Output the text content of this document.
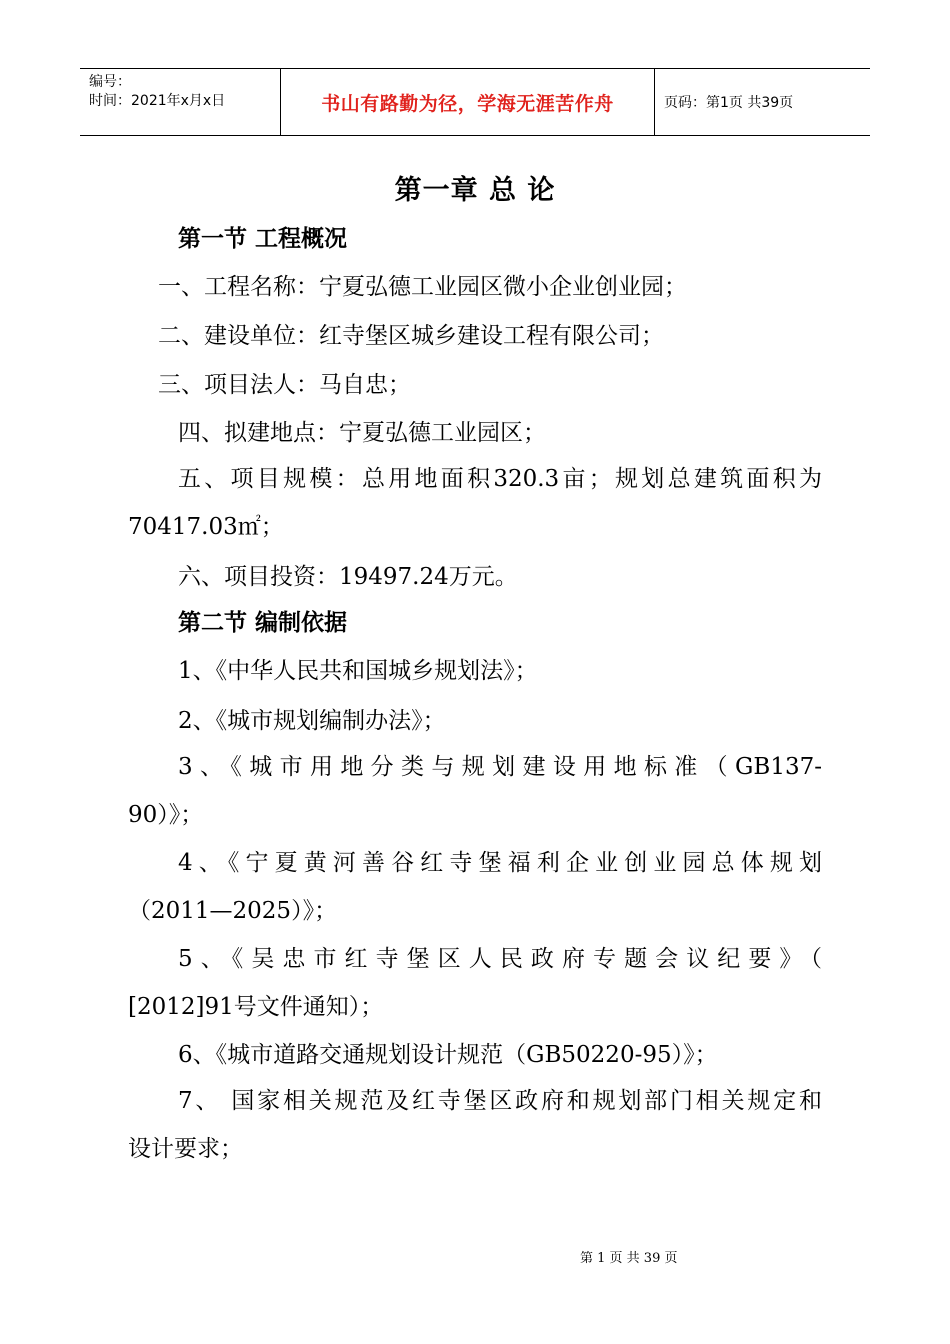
编号：
时间：2021年x月x日	书山有路勤为径，学海无涯苦作舟	页码：第1页 共39页
第一章 总 论
第一节 工程概况
一、工程名称：宁夏弘德工业园区微小企业创业园；
二、建设单位：红寺堡区城乡建设工程有限公司；
三、项目法人：马自忠；
四、拟建地点：宁夏弘德工业园区；
五、项目规模：总用地面积320.3亩；规划总建筑面积为
70417.03㎡；
六、项目投资：19497.24万元。
第二节 编制依据
1、《中华人民共和国城乡规划法》；
2、《城市规划编制办法》；
3、《城市用地分类与规划建设用地标准（GB137-
90）》；
4、《宁夏黄河善谷红寺堡福利企业创业园总体规划
（2011—2025）》；
5、《吴忠市红寺堡区人民政府专题会议纪要》（
[2012]91号文件通知）；
6、《城市道路交通规划设计规范（GB50220-95）》；
7、 国家相关规范及红寺堡区政府和规划部门相关规定和
设计要求；
第 1 页 共 39 页
